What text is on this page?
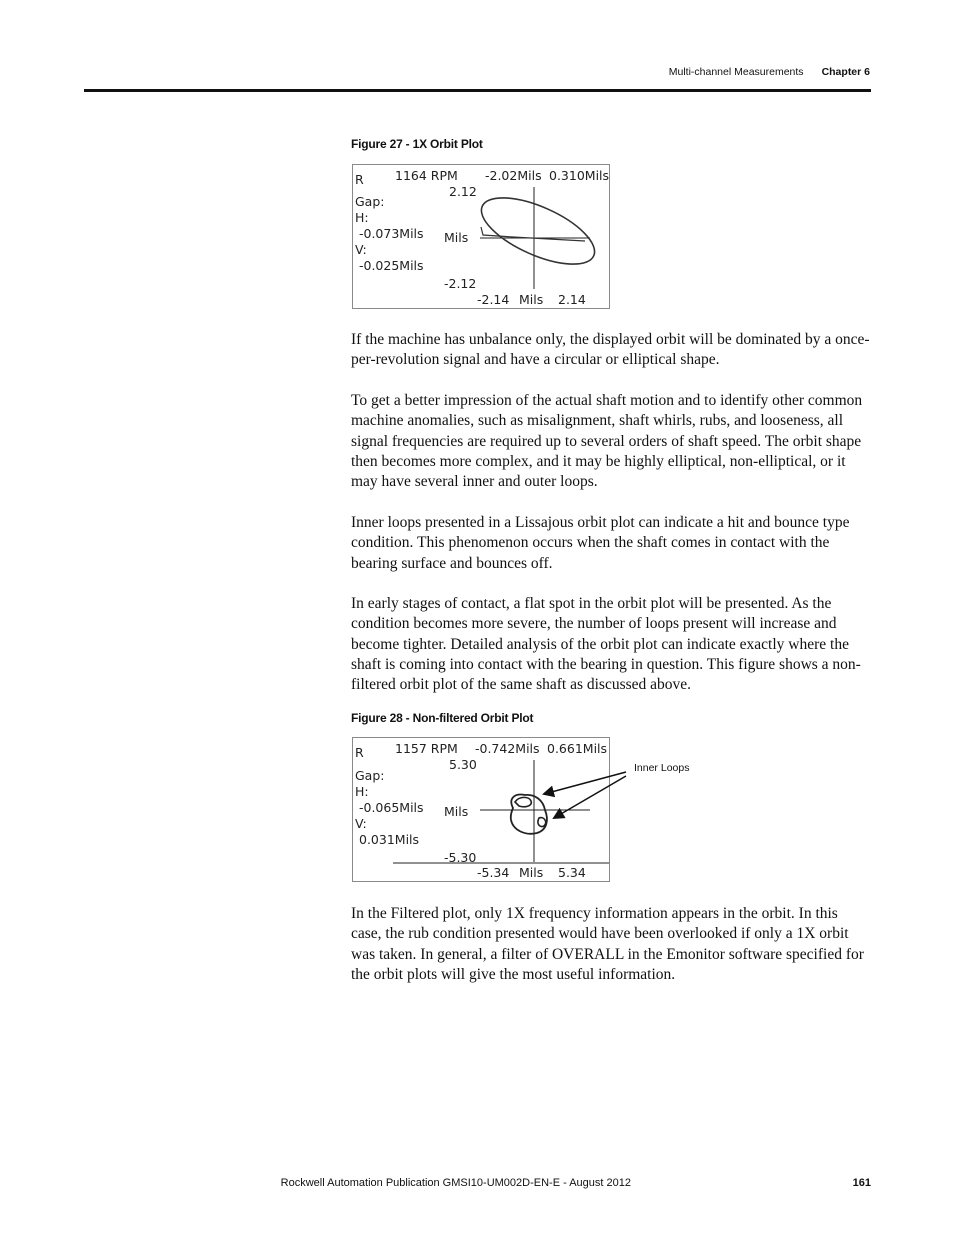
Multi-channel Measurements Chapter 6
Figure 27 - 1X Orbit Plot
R	1164 RPM -2.02Mils 0.310Mils
2.12
Gap:
H:
-0.073Mils Mils
V:
-0.025Mils
-2.12
-2.14 Mils 2.14

If the machine has unbalance only, the displayed orbit will be dominated by a once-per-revolution signal and have a circular or elliptical shape.

To get a better impression of the actual shaft motion and to identify other common machine anomalies, such as misalignment, shaft whirls, rubs, and looseness, all signal frequencies are required up to several orders of shaft speed. The orbit shape then becomes more complex, and it may be highly elliptical, non-elliptical, or it may have several inner and outer loops.

Inner loops presented in a Lissajous orbit plot can indicate a hit and bounce type condition. This phenomenon occurs when the shaft comes in contact with the bearing surface and bounces off.

In early stages of contact, a flat spot in the orbit plot will be presented. As the condition becomes more severe, the number of loops present will increase and become tighter. Detailed analysis of the orbit plot can indicate exactly where the shaft is coming into contact with the bearing in question. This figure shows a non-filtered orbit plot of the same shaft as discussed above.

Figure 28 - Non-filtered Orbit Plot
R	1157 RPM -0.742Mils 0.661Mils
5.30
Gap:
H:
-0.065Mils Mils
V:
0.031Mils
-5.30
-5.34 Mils 5.34
Inner Loops

In the Filtered plot, only 1X frequency information appears in the orbit. In this case, the rub condition presented would have been overlooked if only a 1X orbit was taken. In general, a filter of OVERALL in the Emonitor software specified for the orbit plots will give the most useful information.

Rockwell Automation Publication GMSI10-UM002D-EN-E - August 2012	161
